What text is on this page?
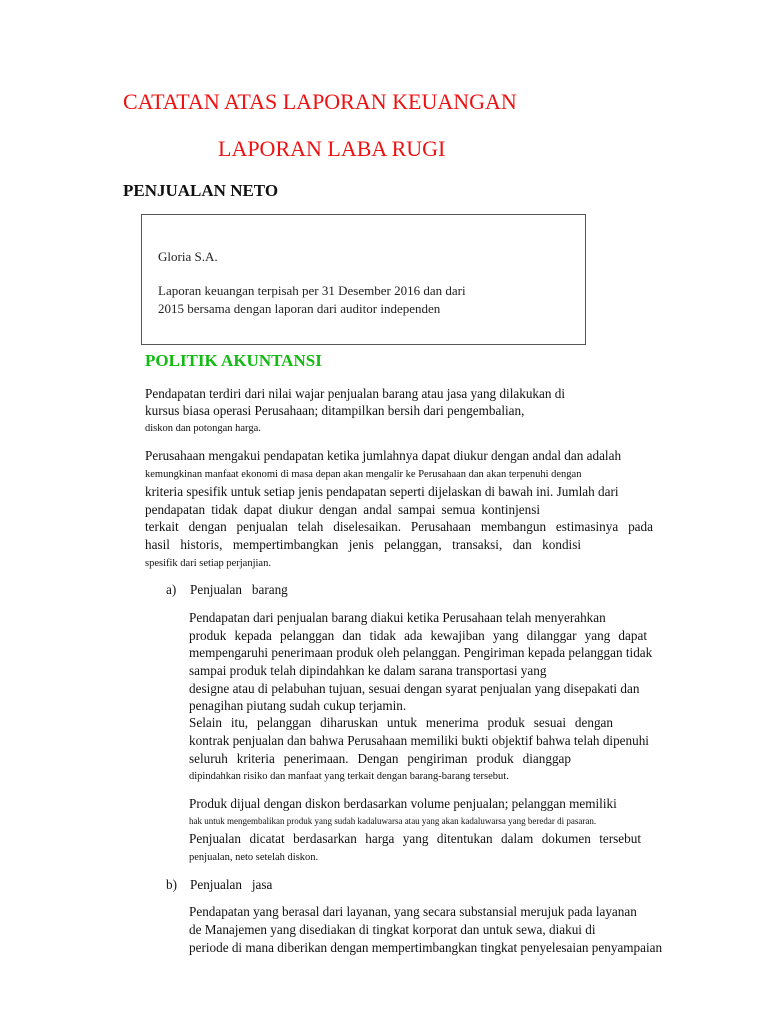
CATATAN ATAS LAPORAN KEUANGAN
LAPORAN LABA RUGI
PENJUALAN NETO
Gloria S.A.
Laporan keuangan terpisah per 31 Desember 2016 dan dari
2015 bersama dengan laporan dari auditor independen
POLITIK AKUNTANSI
Pendapatan terdiri dari nilai wajar penjualan barang atau jasa yang dilakukan di
kursus biasa operasi Perusahaan; ditampilkan bersih dari pengembalian,
diskon dan potongan harga.
Perusahaan mengakui pendapatan ketika jumlahnya dapat diukur dengan andal dan adalah
kemungkinan manfaat ekonomi di masa depan akan mengalir ke Perusahaan dan akan terpenuhi dengan
kriteria spesifik untuk setiap jenis pendapatan seperti dijelaskan di bawah ini. Jumlah dari
pendapatan tidak dapat diukur dengan andal sampai semua kontinjensi
terkait dengan penjualan telah diselesaikan. Perusahaan membangun estimasinya pada
hasil historis, mempertimbangkan jenis pelanggan, transaksi, dan kondisi
spesifik dari setiap perjanjian.
a) Penjualan   barang
Pendapatan dari penjualan barang diakui ketika Perusahaan telah menyerahkan
produk kepada pelanggan dan tidak ada kewajiban yang dilanggar yang dapat
mempengaruhi penerimaan produk oleh pelanggan. Pengiriman kepada pelanggan tidak
sampai produk telah dipindahkan ke dalam sarana transportasi yang
designe atau di pelabuhan tujuan, sesuai dengan syarat penjualan yang disepakati dan
penagihan piutang sudah cukup terjamin.
Selain itu, pelanggan diharuskan untuk menerima produk sesuai dengan
kontrak penjualan dan bahwa Perusahaan memiliki bukti objektif bahwa telah dipenuhi
seluruh kriteria penerimaan. Dengan pengiriman produk dianggap
dipindahkan risiko dan manfaat yang terkait dengan barang-barang tersebut.
Produk dijual dengan diskon berdasarkan volume penjualan; pelanggan memiliki
hak untuk mengembalikan produk yang sudah kadaluwarsa atau yang akan kadaluwarsa yang beredar di pasaran.
Penjualan dicatat berdasarkan harga yang ditentukan dalam dokumen tersebut
penjualan, neto setelah diskon.
b) Penjualan   jasa
Pendapatan yang berasal dari layanan, yang secara substansial merujuk pada layanan
de Manajemen yang disediakan di tingkat korporat dan untuk sewa, diakui di
periode di mana diberikan dengan mempertimbangkan tingkat penyelesaian penyampaian
